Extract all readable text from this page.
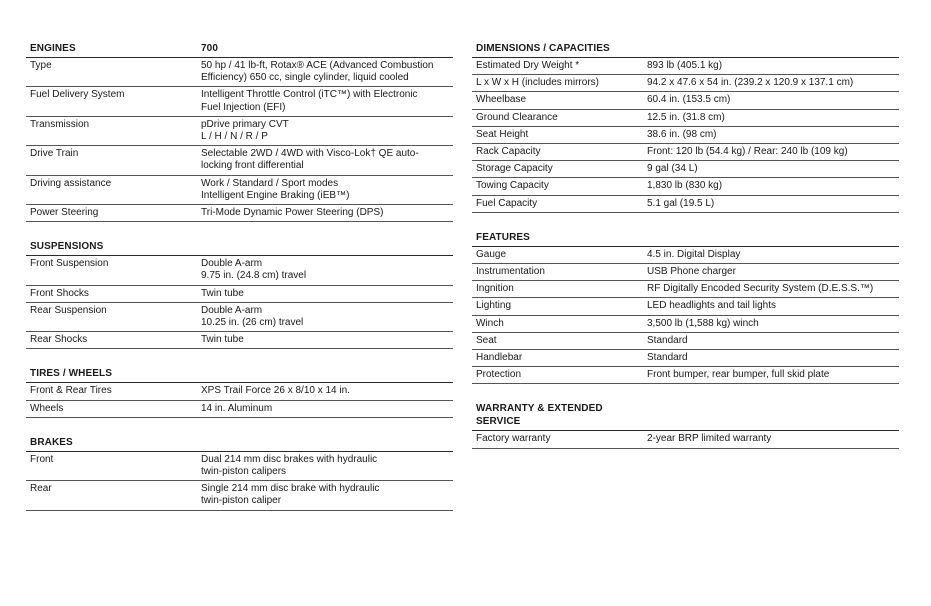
ENGINES	700
Type	50 hp / 41 lb-ft, Rotax® ACE (Advanced Combustion
Efficiency) 650 cc, single cylinder, liquid cooled
Fuel Delivery System	Intelligent Throttle Control (iTC™) with Electronic
Fuel Injection (EFI)
Transmission	pDrive primary CVT
L / H / N / R / P
Drive Train	Selectable 2WD / 4WD with Visco-Lok† QE auto-
locking front differential
Driving assistance	Work / Standard / Sport modes
Intelligent Engine Braking (iEB™)
Power Steering	Tri-Mode Dynamic Power Steering (DPS)
SUSPENSIONS
Front Suspension	Double A-arm
9.75 in. (24.8 cm) travel
Front Shocks	Twin tube
Rear Suspension	Double A-arm
10.25 in. (26 cm) travel
Rear Shocks	Twin tube
TIRES / WHEELS
Front & Rear Tires	XPS Trail Force 26 x 8/10 x 14 in.
Wheels	14 in. Aluminum
BRAKES
Front	Dual 214 mm disc brakes with hydraulic
twin-piston calipers
Rear	Single 214 mm disc brake with hydraulic
twin-piston caliper
DIMENSIONS / CAPACITIES
Estimated Dry Weight *	893 lb (405.1 kg)
L x W x H (includes mirrors)	94.2 x 47.6 x 54 in. (239.2 x 120.9 x 137.1 cm)
Wheelbase	60.4 in. (153.5 cm)
Ground Clearance	12.5 in. (31.8 cm)
Seat Height	38.6 in. (98 cm)
Rack Capacity	Front: 120 lb (54.4 kg) / Rear: 240 lb (109 kg)
Storage Capacity	9 gal (34 L)
Towing Capacity	1,830 lb (830 kg)
Fuel Capacity	5.1 gal (19.5 L)
FEATURES
Gauge	4.5 in. Digital Display
Instrumentation	USB Phone charger
Ingnition	RF Digitally Encoded Security System (D.E.S.S.™)
Lighting	LED headlights and tail lights
Winch	3,500 lb (1,588 kg) winch
Seat	Standard
Handlebar	Standard
Protection	Front bumper, rear bumper, full skid plate
WARRANTY & EXTENDED SERVICE
Factory warranty	2-year BRP limited warranty
